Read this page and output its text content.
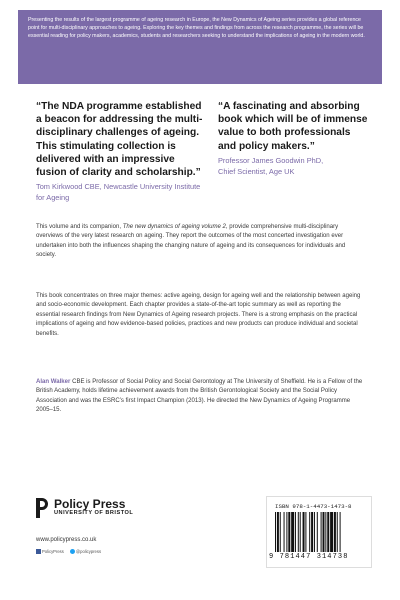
Presenting the results of the largest programme of ageing research in Europe, the New Dynamics of Ageing series provides a global reference point for multi-disciplinary approaches to ageing. Exploring the key themes and findings from across the research programme, the series will be essential reading for policy makers, academics, students and researchers seeking to understand the implications of ageing in the modern world.
“The NDA programme established a beacon for addressing the multi-disciplinary challenges of ageing. This stimulating collection is delivered with an impressive fusion of clarity and scholarship.”
Tom Kirkwood CBE, Newcastle University Institute for Ageing
“A fascinating and absorbing book which will be of immense value to both professionals and policy makers.”
Professor James Goodwin PhD,
Chief Scientist, Age UK
This volume and its companion, The new dynamics of ageing volume 2, provide comprehensive multi-disciplinary overviews of the very latest research on ageing. They report the outcomes of the most concerted investigation ever undertaken into both the influences shaping the changing nature of ageing and its consequences for individuals and society.
This book concentrates on three major themes: active ageing, design for ageing well and the relationship between ageing and socio-economic development. Each chapter provides a state-of-the-art topic summary as well as reporting the essential research findings from New Dynamics of Ageing research projects. There is a strong emphasis on the practical implications of ageing and how evidence-based policies, practices and new products can produce individual and societal benefits.
Alan Walker CBE is Professor of Social Policy and Social Gerontology at The University of Sheffield. He is a Fellow of the British Academy, holds lifetime achievement awards from the British Gerontological Society and the Social Policy Association and was the ESRC’s first Impact Champion (2013). He directed the New Dynamics of Ageing Programme 2005–15.
Policy Press
UNIVERSITY OF BRISTOL
www.policypress.co.uk
PolicyPress	@policypress
ISBN 978-1-4473-1473-8
9 781447 314738
